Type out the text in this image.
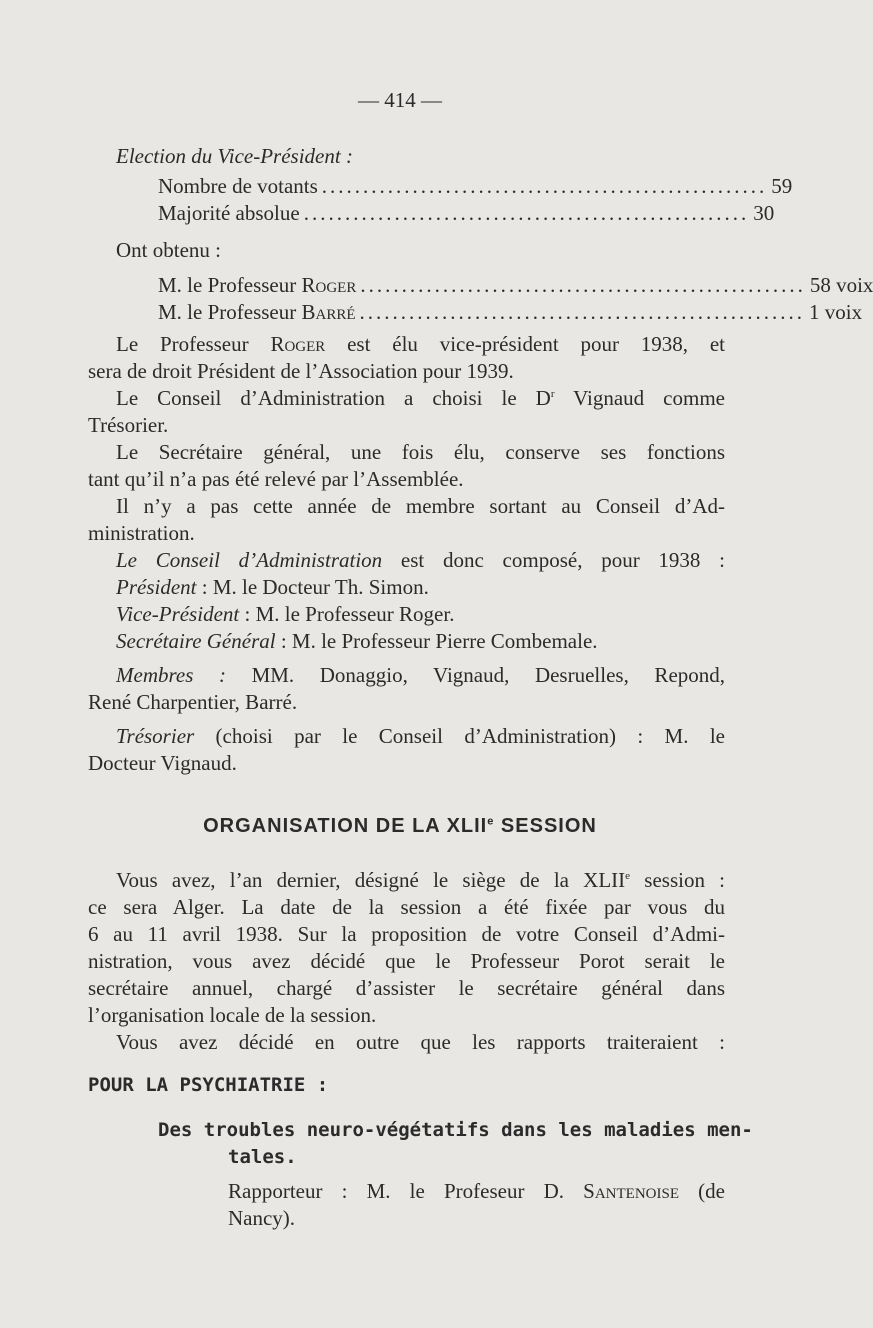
— 414 —
Election du Vice-Président :
Nombre de votants ...................................................... 59
Majorité absolue ...................................................... 30
Ont obtenu :
M. le Professeur Roger ...................................................... 58 voix
M. le Professeur Barré ...................................................... 1 voix
Le Professeur Roger est élu vice-président pour 1938, et
sera de droit Président de l’Association pour 1939.
Le Conseil d’Administration a choisi le $D^r$ Vignaud comme
Trésorier.
Le Secrétaire général, une fois élu, conserve ses fonctions
tant qu’il n’a pas été relevé par l’Assemblée.
Il n’y a pas cette année de membre sortant au Conseil d’Ad-
ministration.
Le Conseil d’Administration est donc composé, pour 1938 :
Président : M. le Docteur Th. Simon.
Vice-Président : M. le Professeur Roger.
Secrétaire Général : M. le Professeur Pierre Combemale.
Membres : MM. Donaggio, Vignaud, Desruelles, Repond,
René Charpentier, Barré.
Trésorier (choisi par le Conseil d’Administration) : M. le
Docteur Vignaud.
ORGANISATION DE LA XLIIe SESSION
Vous avez, l’an dernier, désigné le siège de la XLIIe session :
ce sera Alger. La date de la session a été fixée par vous du
6 au 11 avril 1938. Sur la proposition de votre Conseil d’Admi-
nistration, vous avez décidé que le Professeur Porot serait le
secrétaire annuel, chargé d’assister le secrétaire général dans
l’organisation locale de la session.
Vous avez décidé en outre que les rapports traiteraient :
POUR LA PSYCHIATRIE :
Des troubles neuro-végétatifs dans les maladies men-
tales.
Rapporteur : M. le Profeseur D. Santenoise (de
Nancy).
